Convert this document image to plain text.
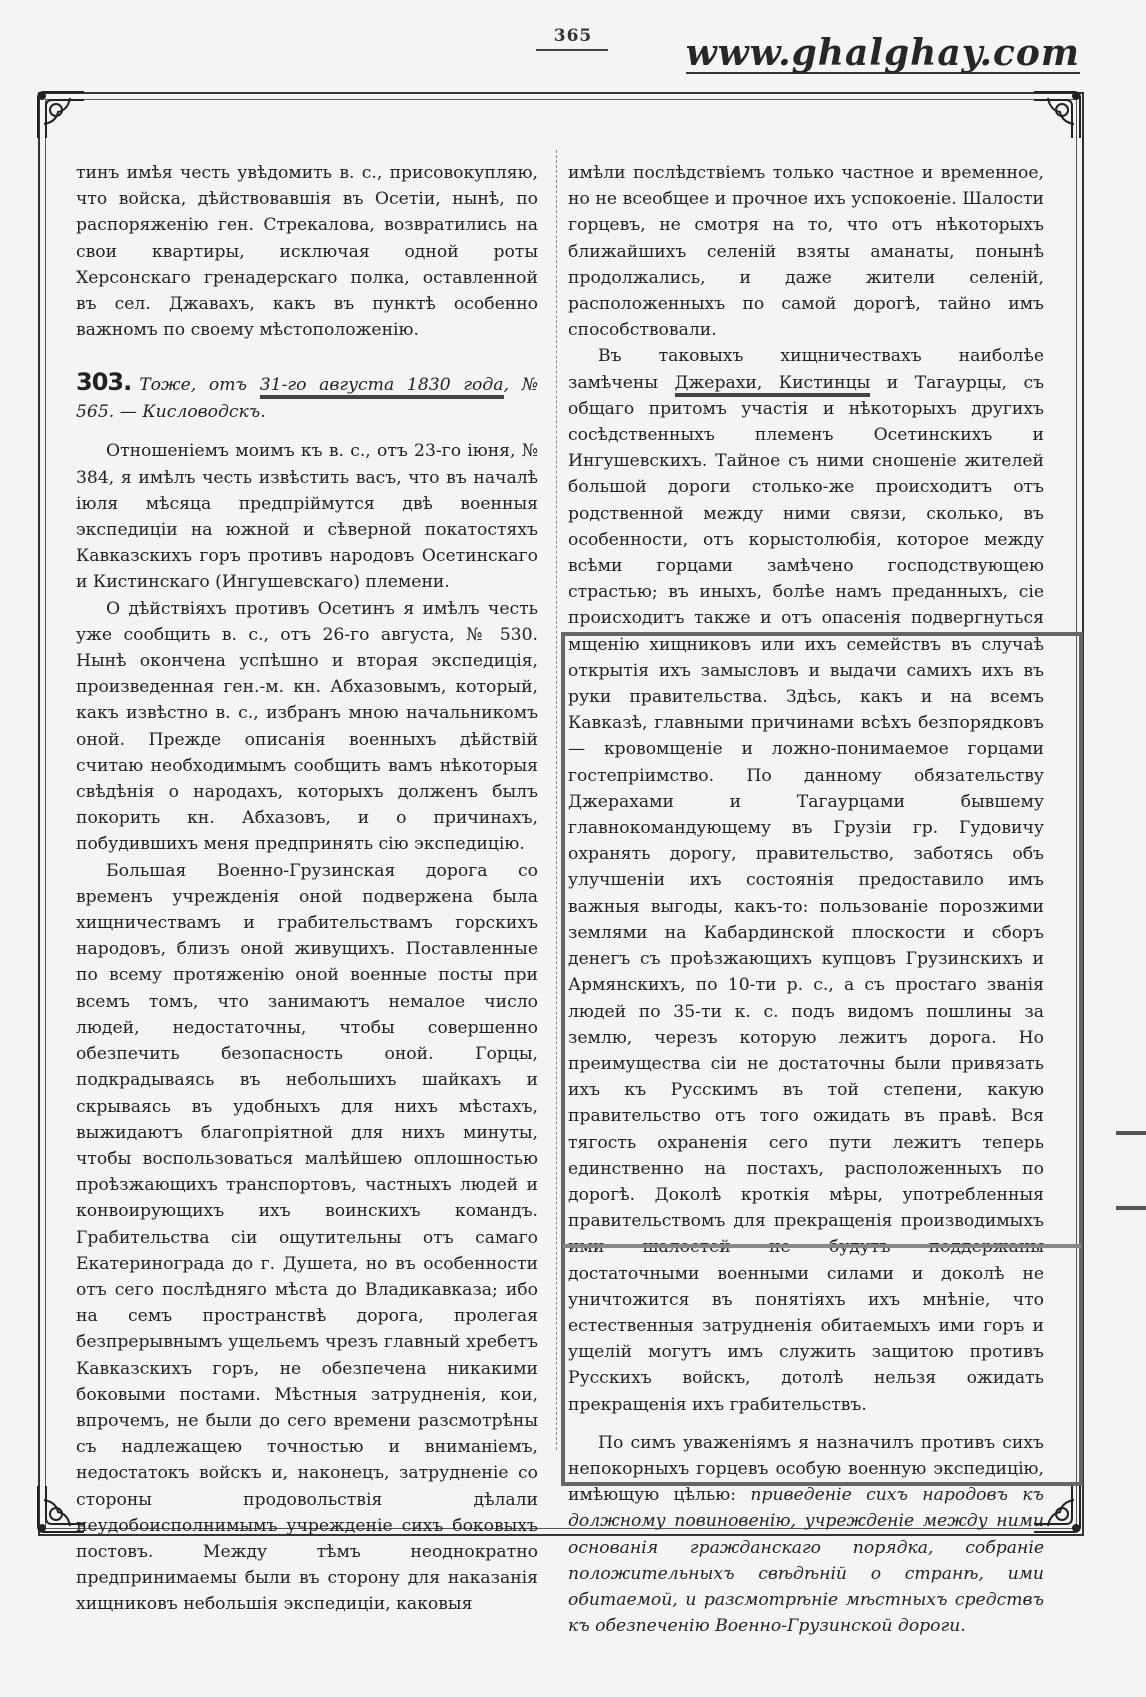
365	www.ghalghay.com

тинъ имѣя честь увѣдомить в. с., присовокупляю, что войска, дѣйствовавшія въ Осетіи, нынѣ, по распоряженію ген. Стрекалова, возвратились на свои квартиры, исключая одной роты Херсонскаго гренадерскаго полка, оставленной въ сел. Джавахъ, какъ въ пунктѣ особенно важномъ по своему мѣстоположенію.

303. Тоже, отъ 31-го августа 1830 года, № 565. — Кисловодскъ.

Отношеніемъ моимъ къ в. с., отъ 23-го іюня, № 384, я имѣлъ честь извѣстить васъ, что въ началѣ іюля мѣсяца предпріймутся двѣ военныя экспедиціи на южной и сѣверной покатостяхъ Кавказскихъ горъ противъ народовъ Осетинскаго и Кистинскаго (Ингушевскаго) племени.

О дѣйствіяхъ противъ Осетинъ я имѣлъ честь уже сообщить в. с., отъ 26-го августа, № 530. Нынѣ окончена успѣшно и вторая экспедиція, произведенная ген.-м. кн. Абхазовымъ, который, какъ извѣстно в. с., избранъ мною начальникомъ оной. Прежде описанія военныхъ дѣйствій считаю необходимымъ сообщить вамъ нѣкоторыя свѣдѣнія о народахъ, которыхъ долженъ былъ покорить кн. Абхазовъ, и о причинахъ, побудившихъ меня предпринять сію экспедицію.

Большая Военно-Грузинская дорога со временъ учрежденія оной подвержена была хищничествамъ и грабительствамъ горскихъ народовъ, близъ оной живущихъ. Поставленные по всему протяженію оной военные посты при всемъ томъ, что занимаютъ немалое число людей, недостаточны, чтобы совершенно обезпечить безопасность оной. Горцы, подкрадываясь въ небольшихъ шайкахъ и скрываясь въ удобныхъ для нихъ мѣстахъ, выжидаютъ благопріятной для нихъ минуты, чтобы воспользоваться малѣйшею оплошностью проѣзжающихъ транспортовъ, частныхъ людей и конвоирующихъ ихъ воинскихъ командъ. Грабительства сіи ощутительны отъ самаго Екатеринограда до г. Душета, но въ особенности отъ сего послѣдняго мѣста до Владикавказа; ибо на семъ пространствѣ дорога, пролегая безпрерывнымъ ущельемъ чрезъ главный хребетъ Кавказскихъ горъ, не обезпечена никакими боковыми постами. Мѣстныя затрудненія, кои, впрочемъ, не были до сего времени разсмотрѣны съ надлежащею точностью и вниманіемъ, недостатокъ войскъ и, наконецъ, затрудненіе со стороны продовольствія дѣлали неудобоисполнимымъ учрежденіе сихъ боковыхъ постовъ. Между тѣмъ неоднократно предпринимаемы были въ сторону для наказанія хищниковъ небольшія экспедиціи, каковыя

имѣли послѣдствіемъ только частное и временное, но не всеобщее и прочное ихъ успокоеніе. Шалости горцевъ, не смотря на то, что отъ нѣкоторыхъ ближайшихъ селеній взяты аманаты, понынѣ продолжались, и даже жители селеній, расположенныхъ по самой дорогѣ, тайно имъ способствовали.

Въ таковыхъ хищничествахъ наиболѣе замѣчены Джерахи, Кистинцы и Тагаурцы, съ общаго притомъ участія и нѣкоторыхъ другихъ сосѣдственныхъ племенъ Осетинскихъ и Ингушевскихъ. Тайное съ ними сношеніе жителей большой дороги столько-же происходитъ отъ родственной между ними связи, сколько, въ особенности, отъ корыстолюбія, которое между всѣми горцами замѣчено господствующею страстью; въ иныхъ, болѣе намъ преданныхъ, сіе происходитъ также и отъ опасенія подвергнуться мщенію хищниковъ или ихъ семействъ въ случаѣ открытія ихъ замысловъ и выдачи самихъ ихъ въ руки правительства. Здѣсь, какъ и на всемъ Кавказѣ, главными причинами всѣхъ безпорядковъ — кровомщеніе и ложно-понимаемое горцами гостепріимство. По данному обязательству Джерахами и Тагаурцами бывшему главнокомандующему въ Грузіи гр. Гудовичу охранять дорогу, правительство, заботясь объ улучшеніи ихъ состоянія предоставило имъ важныя выгоды, какъ-то: пользованіе порозжими землями на Кабардинской плоскости и сборъ денегъ съ проѣзжающихъ купцовъ Грузинскихъ и Армянскихъ, по 10-ти р. с., а съ простаго званія людей по 35-ти к. с. подъ видомъ пошлины за землю, черезъ которую лежитъ дорога. Но преимущества сіи не достаточны были привязать ихъ къ Русскимъ въ той степени, какую правительство отъ того ожидать въ правѣ. Вся тягость охраненія сего пути лежитъ теперь единственно на постахъ, расположенныхъ по дорогѣ. Доколѣ кроткія мѣры, употребленныя правительствомъ для прекращенія производимыхъ ими шалостей не будутъ поддержаны достаточными военными силами и доколѣ не уничтожится въ понятіяхъ ихъ мнѣніе, что естественныя затрудненія обитаемыхъ ими горъ и ущелій могутъ имъ служить защитою противъ Русскихъ войскъ, дотолѣ нельзя ожидать прекращенія ихъ грабительствъ.

По симъ уваженіямъ я назначилъ противъ сихъ непокорныхъ горцевъ особую военную экспедицію, имѣющую цѣлью: приведеніе сихъ народовъ къ должному повиновенію, учрежденіе между ними основанія гражданскаго порядка, собраніе положительныхъ свѣдѣній о странѣ, ими обитаемой, и разсмотрѣніе мѣстныхъ средствъ къ обезпеченію Военно-Грузинской дороги.
